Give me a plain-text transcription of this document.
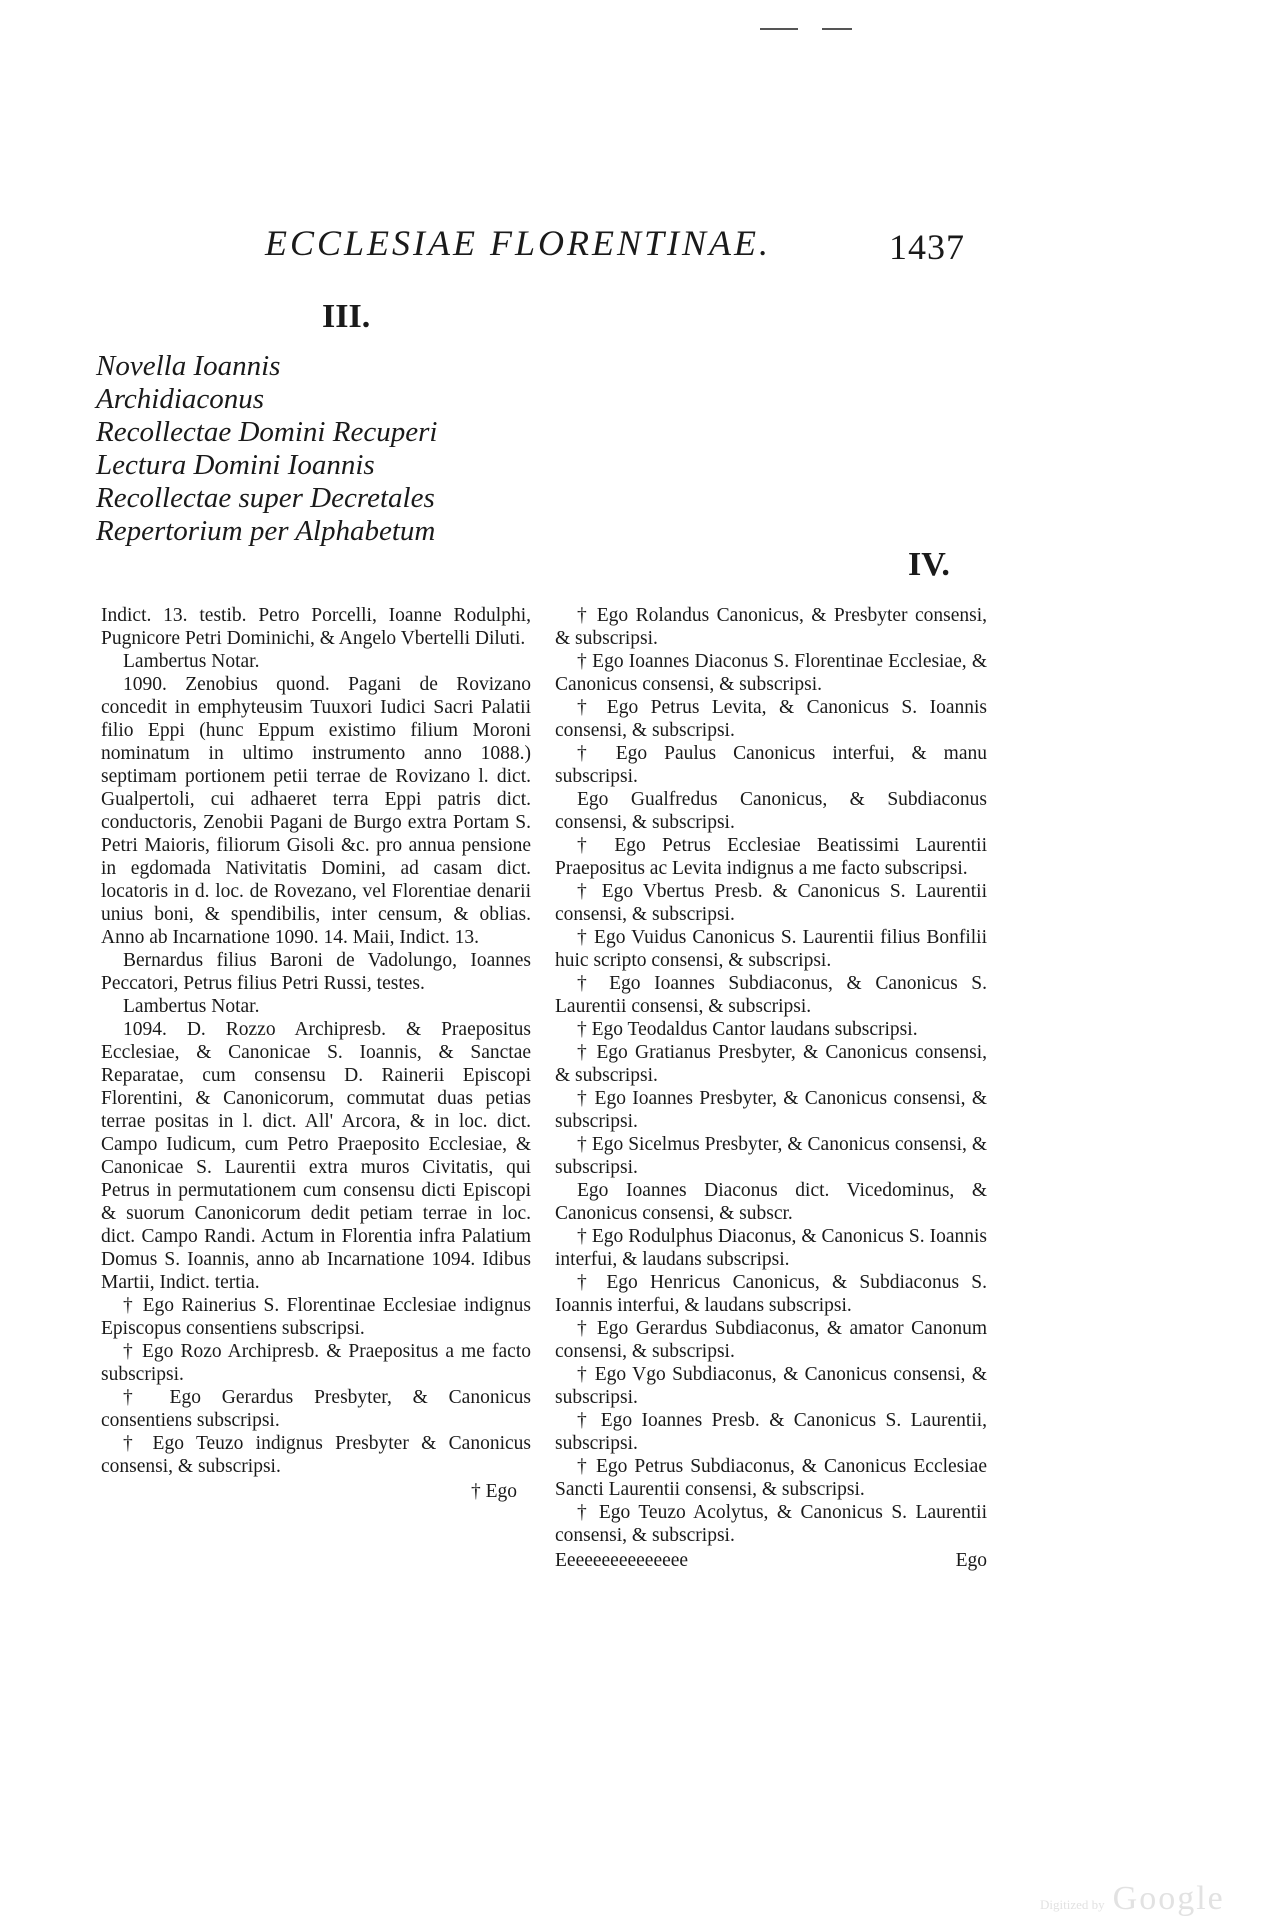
ECCLESIAE FLORENTINAE.	1437
III.
Novella Ioannis
Archidiaconus
Recollectae Domini Recuperi
Lectura Domini Ioannis
Recollectae super Decretales
Repertorium per Alphabetum
IV.

Indict. 13. testib. Petro Porcelli, Ioanne Rodulphi, Pugnicore Petri Dominichi, & Angelo Vbertelli Diluti.

Lambertus Notar.

1090. Zenobius quond. Pagani de Rovizano concedit in emphyteusim Tuuxori Iudici Sacri Palatii filio Eppi (hunc Eppum existimo filium Moroni nominatum in ultimo instrumento anno 1088.) septimam portionem petii terrae de Rovizano l. dict. Gualpertoli, cui adhaeret terra Eppi patris dict. conductoris, Zenobii Pagani de Burgo extra Portam S. Petri Maioris, filiorum Gisoli &c. pro annua pensione in egdomada Nativitatis Domini, ad casam dict. locatoris in d. loc. de Rovezano, vel Florentiae denarii unius boni, & spendibilis, inter censum, & oblias. Anno ab Incarnatione 1090. 14. Maii, Indict. 13.

Bernardus filius Baroni de Vadolungo, Ioannes Peccatori, Petrus filius Petri Russi, testes.

Lambertus Notar.

1094. D. Rozzo Archipresb. & Praepositus Ecclesiae, & Canonicae S. Ioannis, & Sanctae Reparatae, cum consensu D. Rainerii Episcopi Florentini, & Canonicorum, commutat duas petias terrae positas in l. dict. All' Arcora, & in loc. dict. Campo Iudicum, cum Petro Praeposito Ecclesiae, & Canonicae S. Laurentii extra muros Civitatis, qui Petrus in permutationem cum consensu dicti Episcopi & suorum Canonicorum dedit petiam terrae in loc. dict. Campo Randi. Actum in Florentia infra Palatium Domus S. Ioannis, anno ab Incarnatione 1094. Idibus Martii, Indict. tertia.

† Ego Rainerius S. Florentinae Ecclesiae indignus Episcopus consentiens subscripsi.

† Ego Rozo Archipresb. & Praepositus a me facto subscripsi.

† Ego Gerardus Presbyter, & Canonicus consentiens subscripsi.

† Ego Teuzo indignus Presbyter & Canonicus consensi, & subscripsi.

† Ego

† Ego Rolandus Canonicus, & Presbyter consensi, & subscripsi.

† Ego Ioannes Diaconus S. Florentinae Ecclesiae, & Canonicus consensi, & subscripsi.

† Ego Petrus Levita, & Canonicus S. Ioannis consensi, & subscripsi.

† Ego Paulus Canonicus interfui, & manu subscripsi.

Ego Gualfredus Canonicus, & Subdiaconus consensi, & subscripsi.

† Ego Petrus Ecclesiae Beatissimi Laurentii Praepositus ac Levita indignus a me facto subscripsi.

† Ego Vbertus Presb. & Canonicus S. Laurentii consensi, & subscripsi.

† Ego Vuidus Canonicus S. Laurentii filius Bonfilii huic scripto consensi, & subscripsi.

† Ego Ioannes Subdiaconus, & Canonicus S. Laurentii consensi, & subscripsi.

† Ego Teodaldus Cantor laudans subscripsi.

† Ego Gratianus Presbyter, & Canonicus consensi, & subscripsi.

† Ego Ioannes Presbyter, & Canonicus consensi, & subscripsi.

† Ego Sicelmus Presbyter, & Canonicus consensi, & subscripsi.

Ego Ioannes Diaconus dict. Vicedominus, & Canonicus consensi, & subscr.

† Ego Rodulphus Diaconus, & Canonicus S. Ioannis interfui, & laudans subscripsi.

† Ego Henricus Canonicus, & Subdiaconus S. Ioannis interfui, & laudans subscripsi.

† Ego Gerardus Subdiaconus, & amator Canonum consensi, & subscripsi.

† Ego Vgo Subdiaconus, & Canonicus consensi, & subscripsi.

† Ego Ioannes Presb. & Canonicus S. Laurentii, subscripsi.

† Ego Petrus Subdiaconus, & Canonicus Ecclesiae Sancti Laurentii consensi, & subscripsi.

† Ego Teuzo Acolytus, & Canonicus S. Laurentii consensi, & subscripsi.

Eeeeeeeeeeeeeee	Ego
Digitized by Google
